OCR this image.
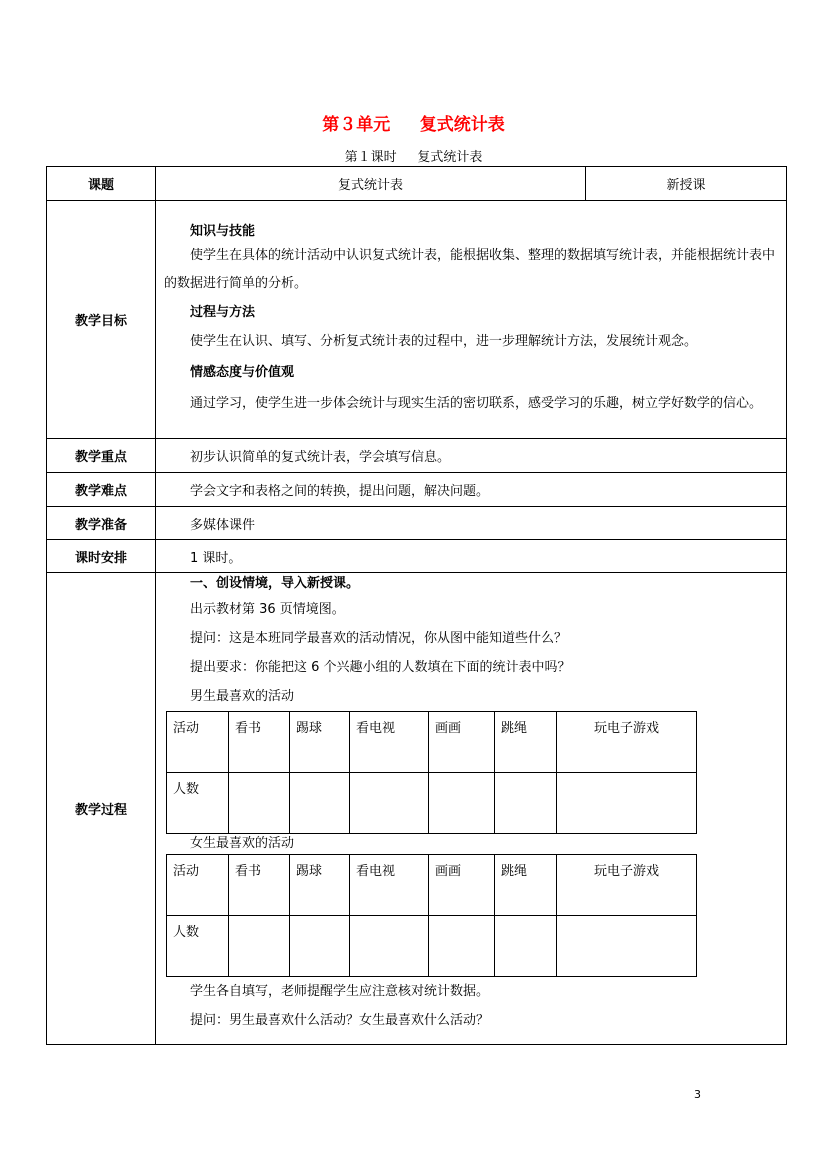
第３单元     复式统计表
第１课时     复式统计表
课题	复式统计表	新授课
教学目标	
知识与技能
使学生在具体的统计活动中认识复式统计表，能根据收集、整理的数据填写统计表，并能根据统计表中的数据进行简单的分析。
过程与方法
使学生在认识、填写、分析复式统计表的过程中，进一步理解统计方法，发展统计观念。
情感态度与价值观
通过学习，使学生进一步体会统计与现实生活的密切联系，感受学习的乐趣，树立学好数学的信心。

教学重点	初步认识简单的复式统计表，学会填写信息。
教学难点	学会文字和表格之间的转换，提出问题，解决问题。
教学准备	多媒体课件
课时安排	1 课时。
教学过程	
一、创设情境，导入新授课。
出示教材第 36 页情境图。
提问：这是本班同学最喜欢的活动情况，你从图中能知道些什么？
提出要求：你能把这 6 个兴趣小组的人数填在下面的统计表中吗？
男生最喜欢的活动
活动	看书	踢球	看电视	画画	跳绳	玩电子游戏
人数						
女生最喜欢的活动
活动	看书	踢球	看电视	画画	跳绳	玩电子游戏
人数						
学生各自填写，老师提醒学生应注意核对统计数据。
提问：男生最喜欢什么活动？女生最喜欢什么活动？
3
